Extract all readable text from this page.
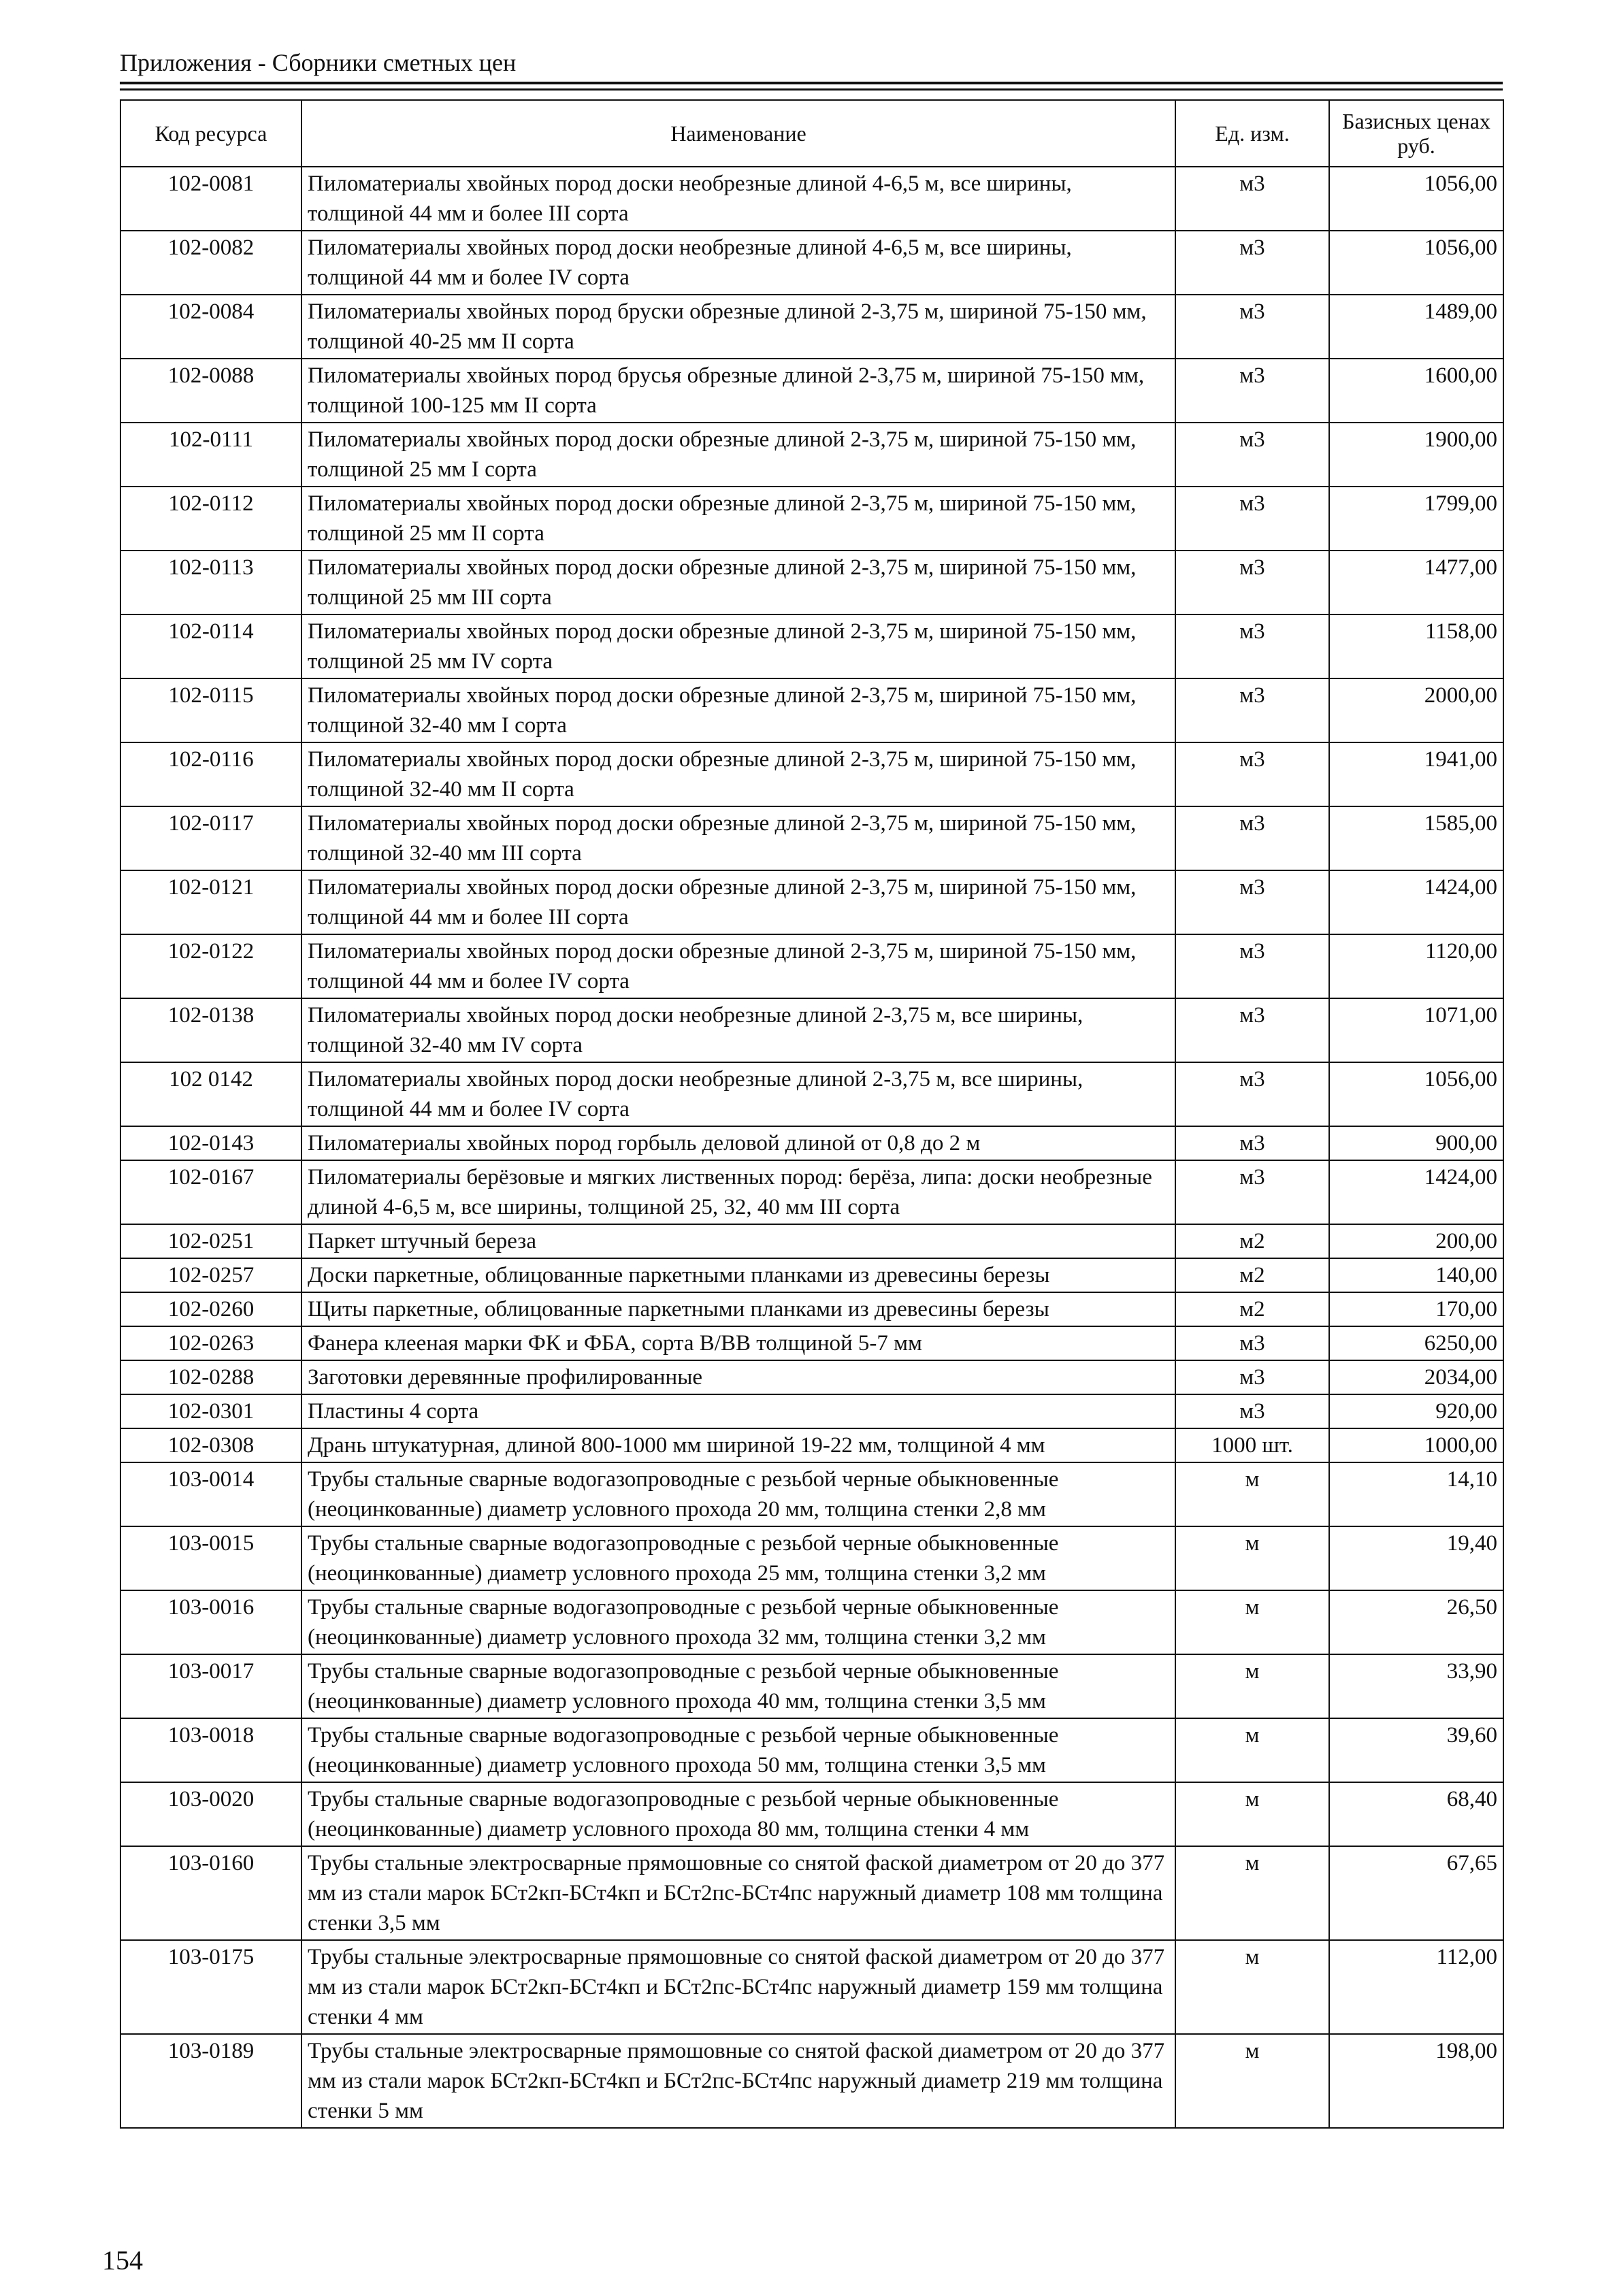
Приложения - Сборники сметных цен
Код ресурса	Наименование	Ед. изм.	Базисных ценах руб.
102-0081	Пиломатериалы хвойных пород доски необрезные длиной 4-6,5 м, все ширины, толщиной 44 мм и более III сорта	м3	1056,00
102-0082	Пиломатериалы хвойных пород доски необрезные длиной 4-6,5 м, все ширины, толщиной 44 мм и более IV сорта	м3	1056,00
102-0084	Пиломатериалы хвойных пород бруски обрезные длиной 2-3,75 м, шириной 75-150 мм, толщиной 40-25 мм II сорта	м3	1489,00
102-0088	Пиломатериалы хвойных пород брусья обрезные длиной 2-3,75 м, шириной 75-150 мм, толщиной 100-125 мм II сорта	м3	1600,00
102-0111	Пиломатериалы хвойных пород доски обрезные длиной 2-3,75 м, шириной 75-150 мм, толщиной 25 мм I сорта	м3	1900,00
102-0112	Пиломатериалы хвойных пород доски обрезные длиной 2-3,75 м, шириной 75-150 мм, толщиной 25 мм II сорта	м3	1799,00
102-0113	Пиломатериалы хвойных пород доски обрезные длиной 2-3,75 м, шириной 75-150 мм, толщиной 25 мм III сорта	м3	1477,00
102-0114	Пиломатериалы хвойных пород доски обрезные длиной 2-3,75 м, шириной 75-150 мм, толщиной 25 мм IV сорта	м3	1158,00
102-0115	Пиломатериалы хвойных пород доски обрезные длиной 2-3,75 м, шириной 75-150 мм, толщиной 32-40 мм I сорта	м3	2000,00
102-0116	Пиломатериалы хвойных пород доски обрезные длиной 2-3,75 м, шириной 75-150 мм, толщиной 32-40 мм II сорта	м3	1941,00
102-0117	Пиломатериалы хвойных пород доски обрезные длиной 2-3,75 м, шириной 75-150 мм, толщиной 32-40 мм III сорта	м3	1585,00
102-0121	Пиломатериалы хвойных пород доски обрезные длиной 2-3,75 м, шириной 75-150 мм, толщиной 44 мм и более III сорта	м3	1424,00
102-0122	Пиломатериалы хвойных пород доски обрезные длиной 2-3,75 м, шириной 75-150 мм, толщиной 44 мм и более IV сорта	м3	1120,00
102-0138	Пиломатериалы хвойных пород доски необрезные длиной 2-3,75 м, все ширины, толщиной 32-40 мм IV сорта	м3	1071,00
102 0142	Пиломатериалы хвойных пород доски необрезные длиной 2-3,75 м, все ширины, толщиной 44 мм и более IV сорта	м3	1056,00
102-0143	Пиломатериалы хвойных пород горбыль деловой длиной от 0,8 до 2 м	м3	900,00
102-0167	Пиломатериалы берёзовые и мягких лиственных пород: берёза, липа: доски необрезные длиной 4-6,5 м, все ширины, толщиной 25, 32, 40 мм III сорта	м3	1424,00
102-0251	Паркет штучный береза	м2	200,00
102-0257	Доски паркетные, облицованные паркетными планками из древесины березы	м2	140,00
102-0260	Щиты паркетные, облицованные паркетными планками из древесины березы	м2	170,00
102-0263	Фанера клееная марки ФК и ФБА, сорта В/ВВ толщиной 5-7 мм	м3	6250,00
102-0288	Заготовки деревянные профилированные	м3	2034,00
102-0301	Пластины 4 сорта	м3	920,00
102-0308	Дрань штукатурная, длиной 800-1000 мм шириной 19-22 мм, толщиной 4 мм	1000 шт.	1000,00
103-0014	Трубы стальные сварные водогазопроводные с резьбой черные обыкновенные (неоцинкованные) диаметр условного прохода 20 мм, толщина стенки 2,8 мм	м	14,10
103-0015	Трубы стальные сварные водогазопроводные с резьбой черные обыкновенные (неоцинкованные) диаметр условного прохода 25 мм, толщина стенки 3,2 мм	м	19,40
103-0016	Трубы стальные сварные водогазопроводные с резьбой черные обыкновенные (неоцинкованные) диаметр условного прохода 32 мм, толщина стенки 3,2 мм	м	26,50
103-0017	Трубы стальные сварные водогазопроводные с резьбой черные обыкновенные (неоцинкованные) диаметр условного прохода 40 мм, толщина стенки 3,5 мм	м	33,90
103-0018	Трубы стальные сварные водогазопроводные с резьбой черные обыкновенные (неоцинкованные) диаметр условного прохода 50 мм, толщина стенки 3,5 мм	м	39,60
103-0020	Трубы стальные сварные водогазопроводные с резьбой черные обыкновенные (неоцинкованные) диаметр условного прохода 80 мм, толщина стенки 4 мм	м	68,40
103-0160	Трубы стальные электросварные прямошовные со снятой фаской диаметром от 20 до 377 мм из стали марок БСт2кп-БСт4кп и БСт2пс-БСт4пс наружный диаметр 108 мм толщина стенки 3,5 мм	м	67,65
103-0175	Трубы стальные электросварные прямошовные со снятой фаской диаметром от 20 до 377 мм из стали марок БСт2кп-БСт4кп и БСт2пс-БСт4пс наружный диаметр 159 мм толщина стенки 4 мм	м	112,00
103-0189	Трубы стальные электросварные прямошовные со снятой фаской диаметром от 20 до 377 мм из стали марок БСт2кп-БСт4кп и БСт2пс-БСт4пс наружный диаметр 219 мм толщина стенки 5 мм	м	198,00
154
